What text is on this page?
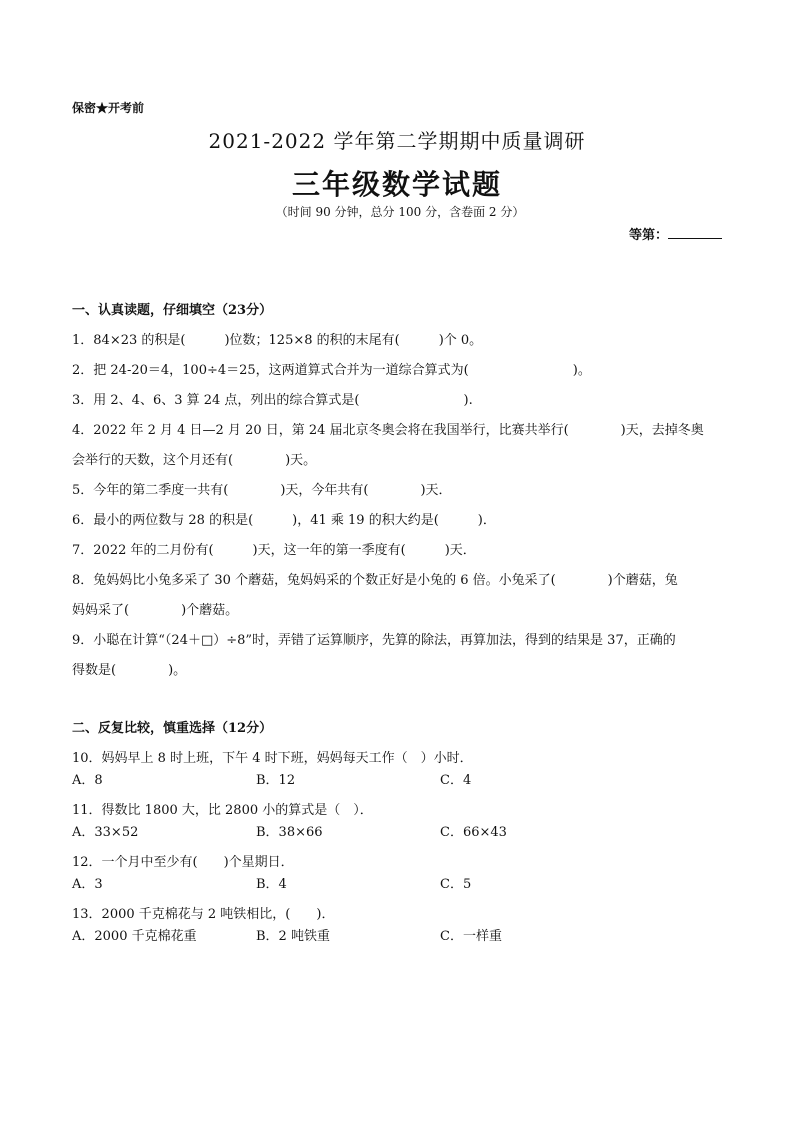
保密★开考前
2021-2022 学年第二学期期中质量调研
三年级数学试题
（时间 90 分钟，总分 100 分，含卷面 2 分）
等第：

一、认真读题，仔细填空（23分）

1．84×23 的积是(　　　)位数；125×8 的积的末尾有(　　　)个 0。

2．把 24-20＝4，100÷4＝25，这两道算式合并为一道综合算式为(　　　　　　　　)。

3．用 2、4、6、3 算 24 点，列出的综合算式是(　　　　　　　　).

4．2022 年 2 月 4 日—2 月 20 日，第 24 届北京冬奥会将在我国举行，比赛共举行(　　　　)天，去掉冬奥

会举行的天数，这个月还有(　　　　)天。

5．今年的第二季度一共有(　　　　)天，今年共有(　　　　)天．

6．最小的两位数与 28 的积是(　　　)，41 乘 19 的积大约是(　　　)．

7．2022 年的二月份有(　　　)天，这一年的第一季度有(　　　)天．

8．兔妈妈比小兔多采了 30 个蘑菇，兔妈妈采的个数正好是小兔的 6 倍。小兔采了(　　　　)个蘑菇，兔

妈妈采了(　　　　)个蘑菇。

9．小聪在计算“（24＋□）÷8”时，弄错了运算顺序，先算的除法，再算加法，得到的结果是 37，正确的

得数是(　　　　)。

二、反复比较，慎重选择（12分）

10．妈妈早上 8 时上班，下午 4 时下班，妈妈每天工作（　）小时．

A．8	B．12	C．4

11．得数比 1800 大，比 2800 小的算式是（　）．

A．33×52	B．38×66	C．66×43

12．一个月中至少有(　　)个星期日．

A．3	B．4	C．5

13．2000 千克棉花与 2 吨铁相比，(　　)．

A．2000 千克棉花重	B．2 吨铁重	C．一样重
